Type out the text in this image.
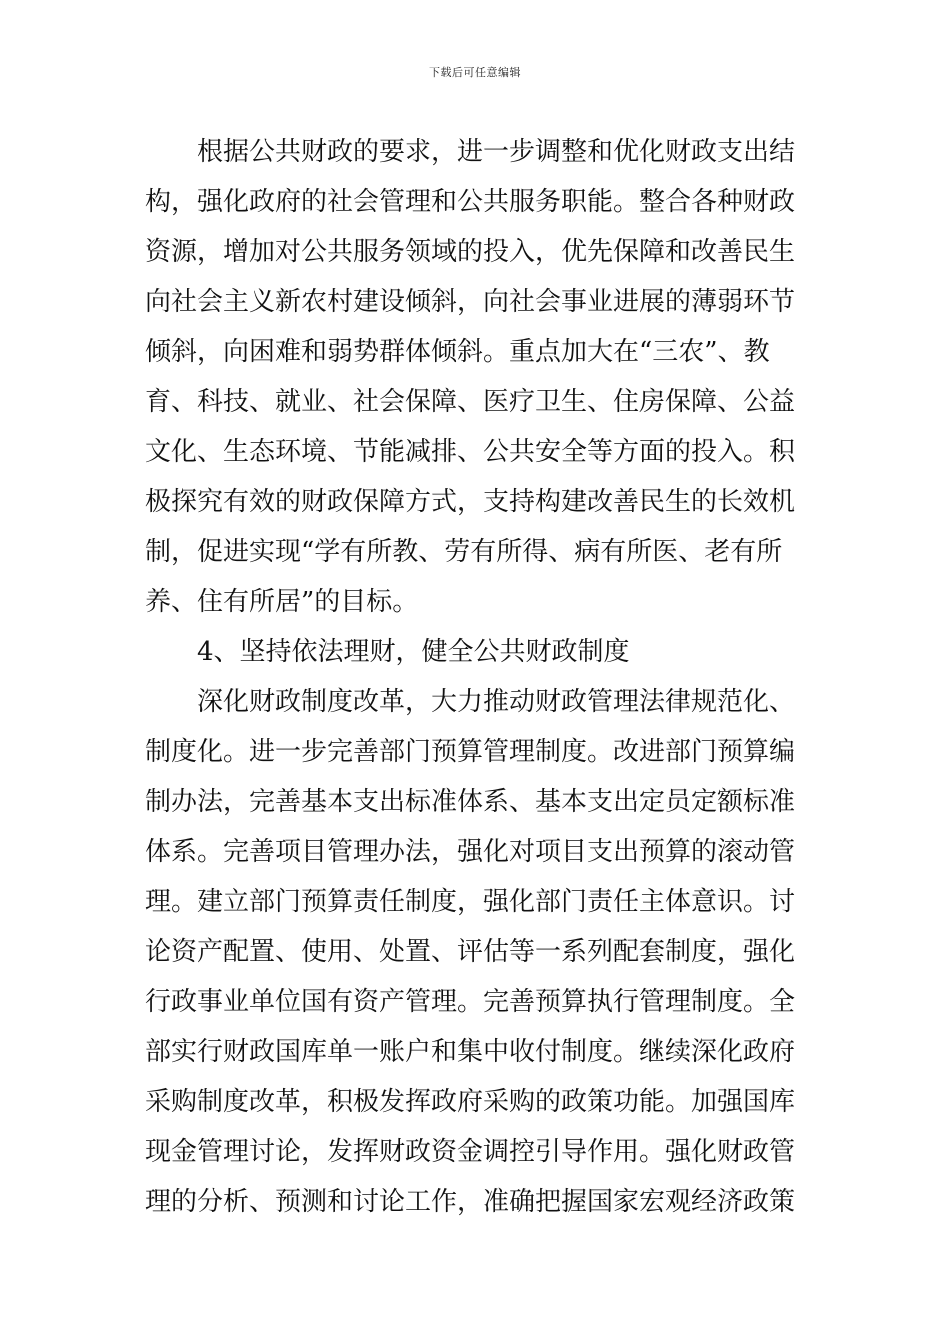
下载后可任意编辑
根据公共财政的要求，进一步调整和优化财政支出结
构，强化政府的社会管理和公共服务职能。整合各种财政
资源，增加对公共服务领域的投入，优先保障和改善民生
向社会主义新农村建设倾斜，向社会事业进展的薄弱环节
倾斜，向困难和弱势群体倾斜。重点加大在“三农”、教
育、科技、就业、社会保障、医疗卫生、住房保障、公益
文化、生态环境、节能减排、公共安全等方面的投入。积
极探究有效的财政保障方式，支持构建改善民生的长效机
制，促进实现“学有所教、劳有所得、病有所医、老有所
养、住有所居”的目标。
4、坚持依法理财，健全公共财政制度
深化财政制度改革，大力推动财政管理法律规范化、
制度化。进一步完善部门预算管理制度。改进部门预算编
制办法，完善基本支出标准体系、基本支出定员定额标准
体系。完善项目管理办法，强化对项目支出预算的滚动管
理。建立部门预算责任制度，强化部门责任主体意识。讨
论资产配置、使用、处置、评估等一系列配套制度，强化
行政事业单位国有资产管理。完善预算执行管理制度。全
部实行财政国库单一账户和集中收付制度。继续深化政府
采购制度改革，积极发挥政府采购的政策功能。加强国库
现金管理讨论，发挥财政资金调控引导作用。强化财政管
理的分析、预测和讨论工作，准确把握国家宏观经济政策
